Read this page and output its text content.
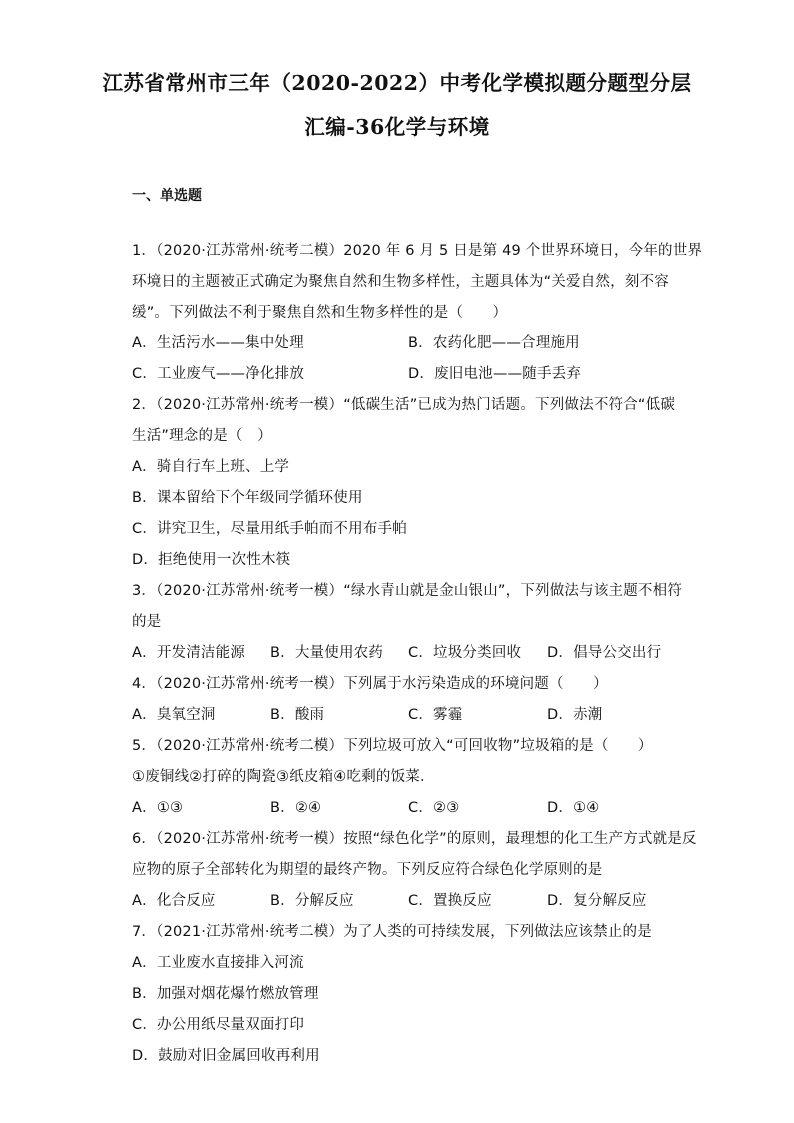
江苏省常州市三年（2020-2022）中考化学模拟题分题型分层
汇编-36化学与环境
一、单选题
1．（2020·江苏常州·统考二模）2020 年 6 月 5 日是第 49 个世界环境日，今年的世界
环境日的主题被正式确定为聚焦自然和生物多样性，主题具体为“关爱自然，刻不容
缓”。下列做法不利于聚焦自然和生物多样性的是（　　）
A．生活污水——集中处理	B．农药化肥——合理施用
C．工业废气——净化排放	D．废旧电池——随手丢弃
2．（2020·江苏常州·统考一模）“低碳生活”已成为热门话题。下列做法不符合“低碳
生活”理念的是（　）
A．骑自行车上班、上学
B．课本留给下个年级同学循环使用
C．讲究卫生，尽量用纸手帕而不用布手帕
D．拒绝使用一次性木筷
3．（2020·江苏常州·统考一模）“绿水青山就是金山银山”，下列做法与该主题不相符
的是
A．开发清洁能源 B．大量使用农药 C．垃圾分类回收 D．倡导公交出行
4．（2020·江苏常州·统考一模）下列属于水污染造成的环境问题（　　）
A．臭氧空洞	B．酸雨	C．雾霾	D．赤潮
5．（2020·江苏常州·统考二模）下列垃圾可放入“可回收物”垃圾箱的是（　　）
①废铜线②打碎的陶瓷③纸皮箱④吃剩的饭菜．
A．①③	B．②④	C．②③	D．①④
6．（2020·江苏常州·统考一模）按照“绿色化学”的原则，最理想的化工生产方式就是反
应物的原子全部转化为期望的最终产物。下列反应符合绿色化学原则的是
A．化合反应	B．分解反应	C．置换反应	D．复分解反应
7．（2021·江苏常州·统考二模）为了人类的可持续发展，下列做法应该禁止的是
A．工业废水直接排入河流
B．加强对烟花爆竹燃放管理
C．办公用纸尽量双面打印
D．鼓励对旧金属回收再利用
